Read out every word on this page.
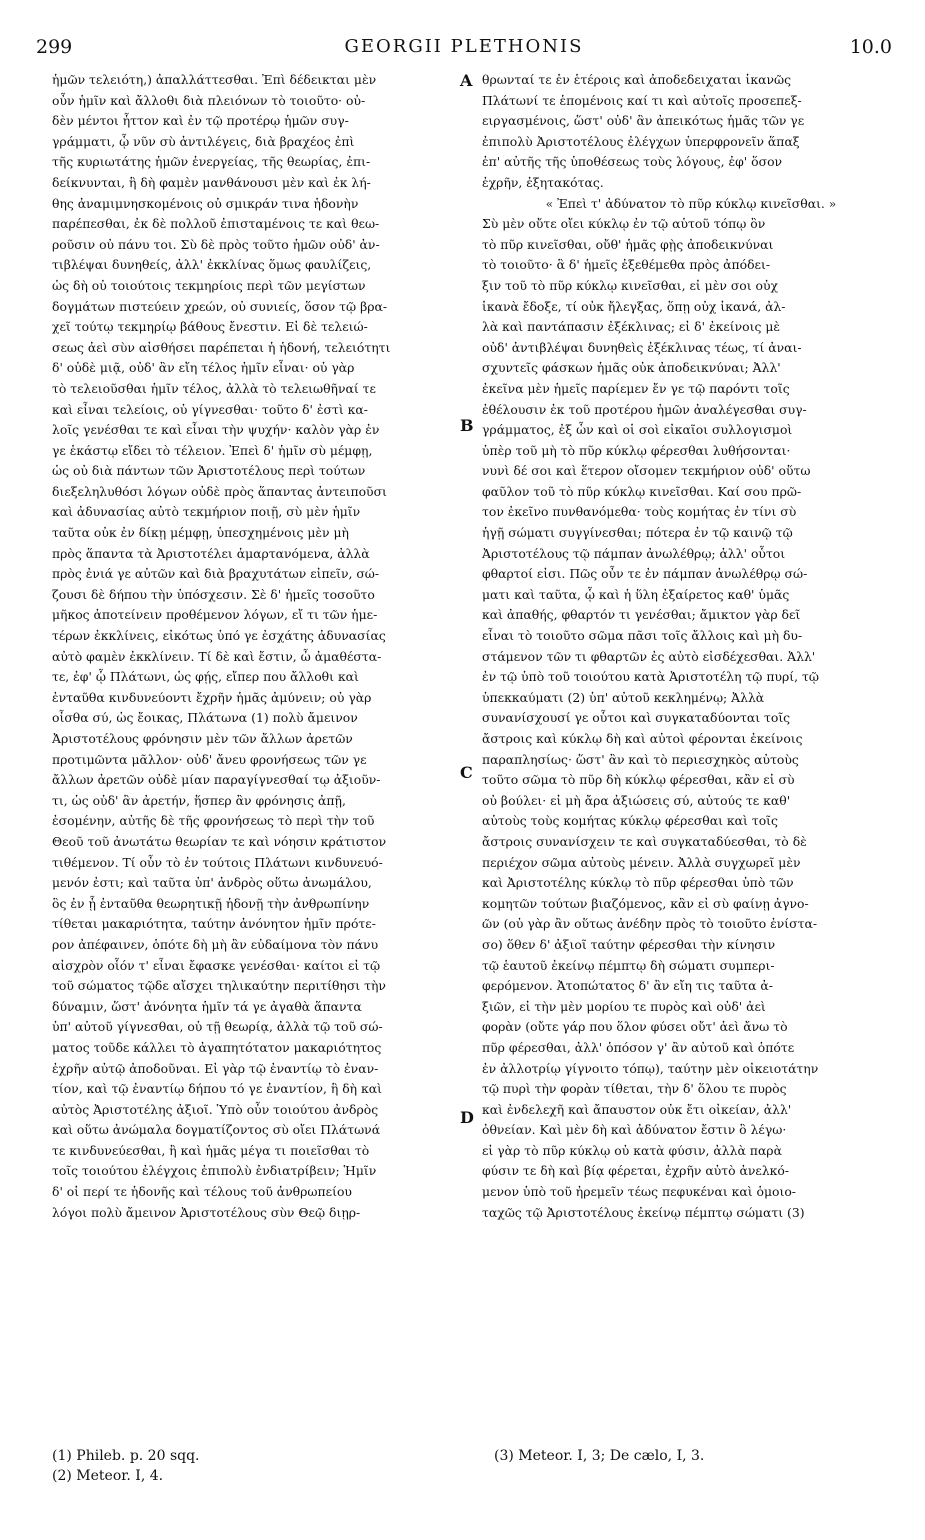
299	GEORGII PLETHONIS	10.0
A
B
C
D
ἡμῶν τελειότη,) ἀπαλλάττεσθαι. Ἐπὶ δέδεικται μὲν
οὖν ἡμῖν καὶ ἄλλοθι διὰ πλειόνων τὸ τοιοῦτο· οὐ-
δὲν μέντοι ἧττον καὶ ἐν τῷ προτέρῳ ἡμῶν συγ-
γράμματι, ᾧ νῦν σὺ ἀντιλέγεις, διὰ βραχέος ἐπὶ
τῆς κυριωτάτης ἡμῶν ἐνεργείας, τῆς θεωρίας, ἐπι-
δείκνυνται, ἣ δὴ φαμὲν μανθάνουσι μὲν καὶ ἐκ λή-
θης ἀναμιμνησκομένοις οὐ σμικράν τινα ἡδονὴν
παρέπεσθαι, ἐκ δὲ πολλοῦ ἐπισταμένοις τε καὶ θεω-
ροῦσιν οὐ πάνυ τοι. Σὺ δὲ πρὸς τοῦτο ἡμῶν οὐδ' ἀν-
τιβλέψαι δυνηθείς, ἀλλ' ἐκκλίνας ὅμως φαυλίζεις,
ὡς δὴ οὐ τοιούτοις τεκμηρίοις περὶ τῶν μεγίστων
δογμάτων πιστεύειν χρεών, οὐ συνιείς, ὅσον τῷ βρα-
χεῖ τούτῳ τεκμηρίῳ βάθους ἔνεστιν. Εἰ δὲ τελειώ-
σεως ἀεὶ σὺν αἰσθήσει παρέπεται ἡ ἡδονή, τελειότητι
δ' οὐδὲ μιᾷ, οὐδ' ἂν εἴη τέλος ἡμῖν εἶναι· οὐ γὰρ
τὸ τελειοῦσθαι ἡμῖν τέλος, ἀλλὰ τὸ τελειωθῆναί τε
καὶ εἶναι τελείοις, οὐ γίγνεσθαι· τοῦτο δ' ἐστὶ κα-
λοῖς γενέσθαι τε καὶ εἶναι τὴν ψυχήν· καλὸν γὰρ ἐν
γε ἑκάστῳ εἴδει τὸ τέλειον. Ἐπεὶ δ' ἡμῖν σὺ μέμφῃ,
ὡς οὐ διὰ πάντων τῶν Ἀριστοτέλους περὶ τούτων
διεξεληλυθόσι λόγων οὐδὲ πρὸς ἅπαντας ἀντειποῦσι
καὶ ἀδυνασίας αὐτὸ τεκμήριον ποιῇ, σὺ μὲν ἡμῖν
ταῦτα οὐκ ἐν δίκῃ μέμφῃ, ὑπεσχημένοις μὲν μὴ
πρὸς ἅπαντα τὰ Ἀριστοτέλει ἁμαρτανόμενα, ἀλλὰ
πρὸς ἐνιά γε αὐτῶν καὶ διὰ βραχυτάτων εἰπεῖν, σώ-
ζουσι δὲ δήπου τὴν ὑπόσχεσιν. Σὲ δ' ἡμεῖς τοσοῦτο
μῆκος ἀποτείνειν προθέμενον λόγων, εἴ τι τῶν ἡμε-
τέρων ἐκκλίνεις, εἰκότως ὑπό γε ἐσχάτης ἀδυνασίας
αὐτὸ φαμὲν ἐκκλίνειν. Τί δὲ καὶ ἔστιν, ὦ ἀμαθέστα-
τε, ἐφ' ᾧ Πλάτωνι, ὡς φῄς, εἴπερ που ἄλλοθι καὶ
ἐνταῦθα κινδυνεύοντι ἔχρῆν ἡμᾶς ἀμύνειν; οὐ γὰρ
οἶσθα σύ, ὡς ἔοικας, Πλάτωνα (1) πολὺ ἄμεινον
Ἀριστοτέλους φρόνησιν μὲν τῶν ἄλλων ἀρετῶν
προτιμῶντα μᾶλλον· οὐδ' ἄνευ φρονήσεως τῶν γε
ἄλλων ἀρετῶν οὐδὲ μίαν παραγίγνεσθαί τῳ ἀξιοῦν-
τι, ὡς οὐδ' ἂν ἀρετήν, ἥσπερ ἂν φρόνησις ἀπῇ,
ἐσομένην, αὐτῆς δὲ τῆς φρονήσεως τὸ περὶ τὴν τοῦ
Θεοῦ τοῦ ἀνωτάτω θεωρίαν τε καὶ νόησιν κράτιστον
τιθέμενον. Τί οὖν τὸ ἐν τούτοις Πλάτωνι κινδυνευό-
μενόν ἐστι; καὶ ταῦτα ὑπ' ἀνδρὸς οὕτω ἀνωμάλου,
ὃς ἐν ᾗ ἐνταῦθα θεωρητικῇ ἡδονῇ τὴν ἀνθρωπίνην
τίθεται μακαριότητα, ταύτην ἀνόνητον ἡμῖν πρότε-
ρον ἀπέφαινεν, ὁπότε δὴ μὴ ἂν εὐδαίμονα τὸν πάνυ
αἰσχρὸν οἷόν τ' εἶναι ἔφασκε γενέσθαι· καίτοι εἰ τῷ
τοῦ σώματος τῷδε αἴσχει τηλικαύτην περιτίθησι τὴν
δύναμιν, ὥστ' ἀνόνητα ἡμῖν τά γε ἀγαθὰ ἅπαντα
ὑπ' αὐτοῦ γίγνεσθαι, οὐ τῇ θεωρίᾳ, ἀλλὰ τῷ τοῦ σώ-
ματος τοῦδε κάλλει τὸ ἀγαπητότατον μακαριότητος
ἐχρῆν αὐτῷ ἀποδοῦναι. Εἰ γὰρ τῷ ἐναντίῳ τὸ ἐναν-
τίον, καὶ τῷ ἐναντίῳ δήπου τό γε ἐναντίον, ἣ δὴ καὶ
αὐτὸς Ἀριστοτέλης ἀξιοῖ. Ὑπὸ οὖν τοιούτου ἀνδρὸς
καὶ οὕτω ἀνώμαλα δογματίζοντος σὺ οἴει Πλάτωνά
τε κινδυνεύεσθαι, ἢ καὶ ἡμᾶς μέγα τι ποιεῖσθαι τὸ
τοῖς τοιούτου ἐλέγχοις ἐπιπολὺ ἐνδιατρίβειν; Ἡμῖν
δ' οἱ περί τε ἡδονῆς καὶ τέλους τοῦ ἀνθρωπείου
λόγοι πολὺ ἄμεινον Ἀριστοτέλους σὺν Θεῷ διῃρ-
θρωνταί τε ἐν ἑτέροις καὶ ἀποδεδειχαται ἱκανῶς
Πλάτωνί τε ἑπομένοις καί τι καὶ αὐτοῖς προσεπεξ-
ειργασμένοις, ὥστ' οὐδ' ἂν ἀπεικότως ἡμᾶς τῶν γε
ἐπιπολὺ Ἀριστοτέλους ἐλέγχων ὑπερφρονεῖν ἅπαξ
ἐπ' αὐτῆς τῆς ὑποθέσεως τοὺς λόγους, ἐφ' ὅσον
ἐχρῆν, ἐξητακότας.
« Ἐπεὶ τ' ἀδύνατον τὸ πῦρ κύκλῳ κινεῖσθαι. »
Σὺ μὲν οὔτε οἴει κύκλῳ ἐν τῷ αὑτοῦ τόπῳ ὂν
τὸ πῦρ κινεῖσθαι, οὔθ' ἡμᾶς φῂς ἀποδεικνύναι
τὸ τοιοῦτο· ἃ δ' ἡμεῖς ἐξεθέμεθα πρὸς ἀπόδει-
ξιν τοῦ τὸ πῦρ κύκλῳ κινεῖσθαι, εἰ μὲν σοι οὐχ
ἱκανὰ ἔδοξε, τί οὐκ ἤλεγξας, ὅπῃ οὐχ ἱκανά, ἀλ-
λὰ καὶ παντάπασιν ἐξέκλινας; εἰ δ' ἐκείνοις μὲ
οὐδ' ἀντιβλέψαι δυνηθεὶς ἐξέκλινας τέως, τί ἀναι-
σχυντεῖς φάσκων ἡμᾶς οὐκ ἀποδεικνύναι; Ἀλλ'
ἐκεῖνα μὲν ἡμεῖς παρίεμεν ἔν γε τῷ παρόντι τοῖς
ἐθέλουσιν ἐκ τοῦ προτέρου ἡμῶν ἀναλέγεσθαι συγ-
γράμματος, ἐξ ὧν καὶ οἱ σοὶ εἰκαῖοι συλλογισμοὶ
ὑπὲρ τοῦ μὴ τὸ πῦρ κύκλῳ φέρεσθαι λυθήσονται·
νυνὶ δέ σοι καὶ ἕτερον οἴσομεν τεκμήριον οὐδ' οὕτω
φαῦλον τοῦ τὸ πῦρ κύκλῳ κινεῖσθαι. Καί σου πρῶ-
τον ἐκεῖνο πυνθανόμεθα· τοὺς κομήτας ἐν τίνι σὺ
ἡγῇ σώματι συγγίνεσθαι; πότερα ἐν τῷ καινῷ τῷ
Ἀριστοτέλους τῷ πάμπαν ἀνωλέθρῳ; ἀλλ' οὗτοι
φθαρτοί εἰσι. Πῶς οὖν τε ἐν πάμπαν ἀνωλέθρῳ σώ-
ματι καὶ ταῦτα, ᾧ καὶ ἡ ὕλη ἐξαίρετος καθ' ὑμᾶς
καὶ ἀπαθής, φθαρτόν τι γενέσθαι; ἄμικτον γὰρ δεῖ
εἶναι τὸ τοιοῦτο σῶμα πᾶσι τοῖς ἄλλοις καὶ μὴ δυ-
στάμενον τῶν τι φθαρτῶν ἐς αὐτὸ εἰσδέχεσθαι. Ἀλλ'
ἐν τῷ ὑπὸ τοῦ τοιούτου κατὰ Ἀριστοτέλη τῷ πυρί, τῷ
ὑπεκκαύματι (2) ὑπ' αὐτοῦ κεκλημένῳ; Ἀλλὰ
συνανίσχουσί γε οὗτοι καὶ συγκαταδύονται τοῖς
ἄστροις καὶ κύκλῳ δὴ καὶ αὐτοὶ φέρονται ἐκείνοις
παραπλησίως· ὥστ' ἂν καὶ τὸ περιεσχηκὸς αὐτοὺς
τοῦτο σῶμα τὸ πῦρ δὴ κύκλῳ φέρεσθαι, κἂν εἰ σὺ
οὐ βούλει· εἰ μὴ ἄρα ἀξιώσεις σύ, αὐτούς τε καθ'
αὑτοὺς τοὺς κομήτας κύκλῳ φέρεσθαι καὶ τοῖς
ἄστροις συνανίσχειν τε καὶ συγκαταδύεσθαι, τὸ δὲ
περιέχον σῶμα αὐτοὺς μένειν. Ἀλλὰ συγχωρεῖ μὲν
καὶ Ἀριστοτέλης κύκλῳ τὸ πῦρ φέρεσθαι ὑπὸ τῶν
κομητῶν τούτων βιαζόμενος, κἂν εἰ σὺ φαίνῃ ἀγνο-
ῶν (οὐ γὰρ ἂν οὕτως ἀνέδην πρὸς τὸ τοιοῦτο ἐνίστα-
σο) ὅθεν δ' ἀξιοῖ ταύτην φέρεσθαι τὴν κίνησιν
τῷ ἑαυτοῦ ἐκείνῳ πέμπτῳ δὴ σώματι συμπερι-
φερόμενον. Ἀτοπώτατος δ' ἂν εἴη τις ταῦτα ἀ-
ξιῶν, εἰ τὴν μὲν μορίου τε πυρὸς καὶ οὐδ' ἀεὶ
φορὰν (οὔτε γάρ που ὅλον φύσει οὔτ' ἀεὶ ἄνω τὸ
πῦρ φέρεσθαι, ἀλλ' ὁπόσον γ' ἂν αὐτοῦ καὶ ὁπότε
ἐν ἀλλοτρίῳ γίγνοιτο τόπῳ), ταύτην μὲν οἰκειοτάτην
τῷ πυρὶ τὴν φορὰν τίθεται, τὴν δ' ὅλου τε πυρὸς
καὶ ἐνδελεχῆ καὶ ἄπαυστον οὐκ ἔτι οἰκείαν, ἀλλ'
ὀθνείαν. Καὶ μὲν δὴ καὶ ἀδύνατον ἔστιν ὃ λέγω·
εἰ γὰρ τὸ πῦρ κύκλῳ οὐ κατὰ φύσιν, ἀλλὰ παρὰ
φύσιν τε δὴ καὶ βίᾳ φέρεται, ἐχρῆν αὐτὸ ἀνελκό-
μενον ὑπὸ τοῦ ἠρεμεῖν τέως πεφυκέναι καὶ ὁμοιο-
ταχῶς τῷ Ἀριστοτέλους ἐκείνῳ πέμπτῳ σώματι (3)
(1) Phileb. p. 20 sqq.
(2) Meteor. I, 4.
(3) Meteor. I, 3; De cælo, I, 3.
